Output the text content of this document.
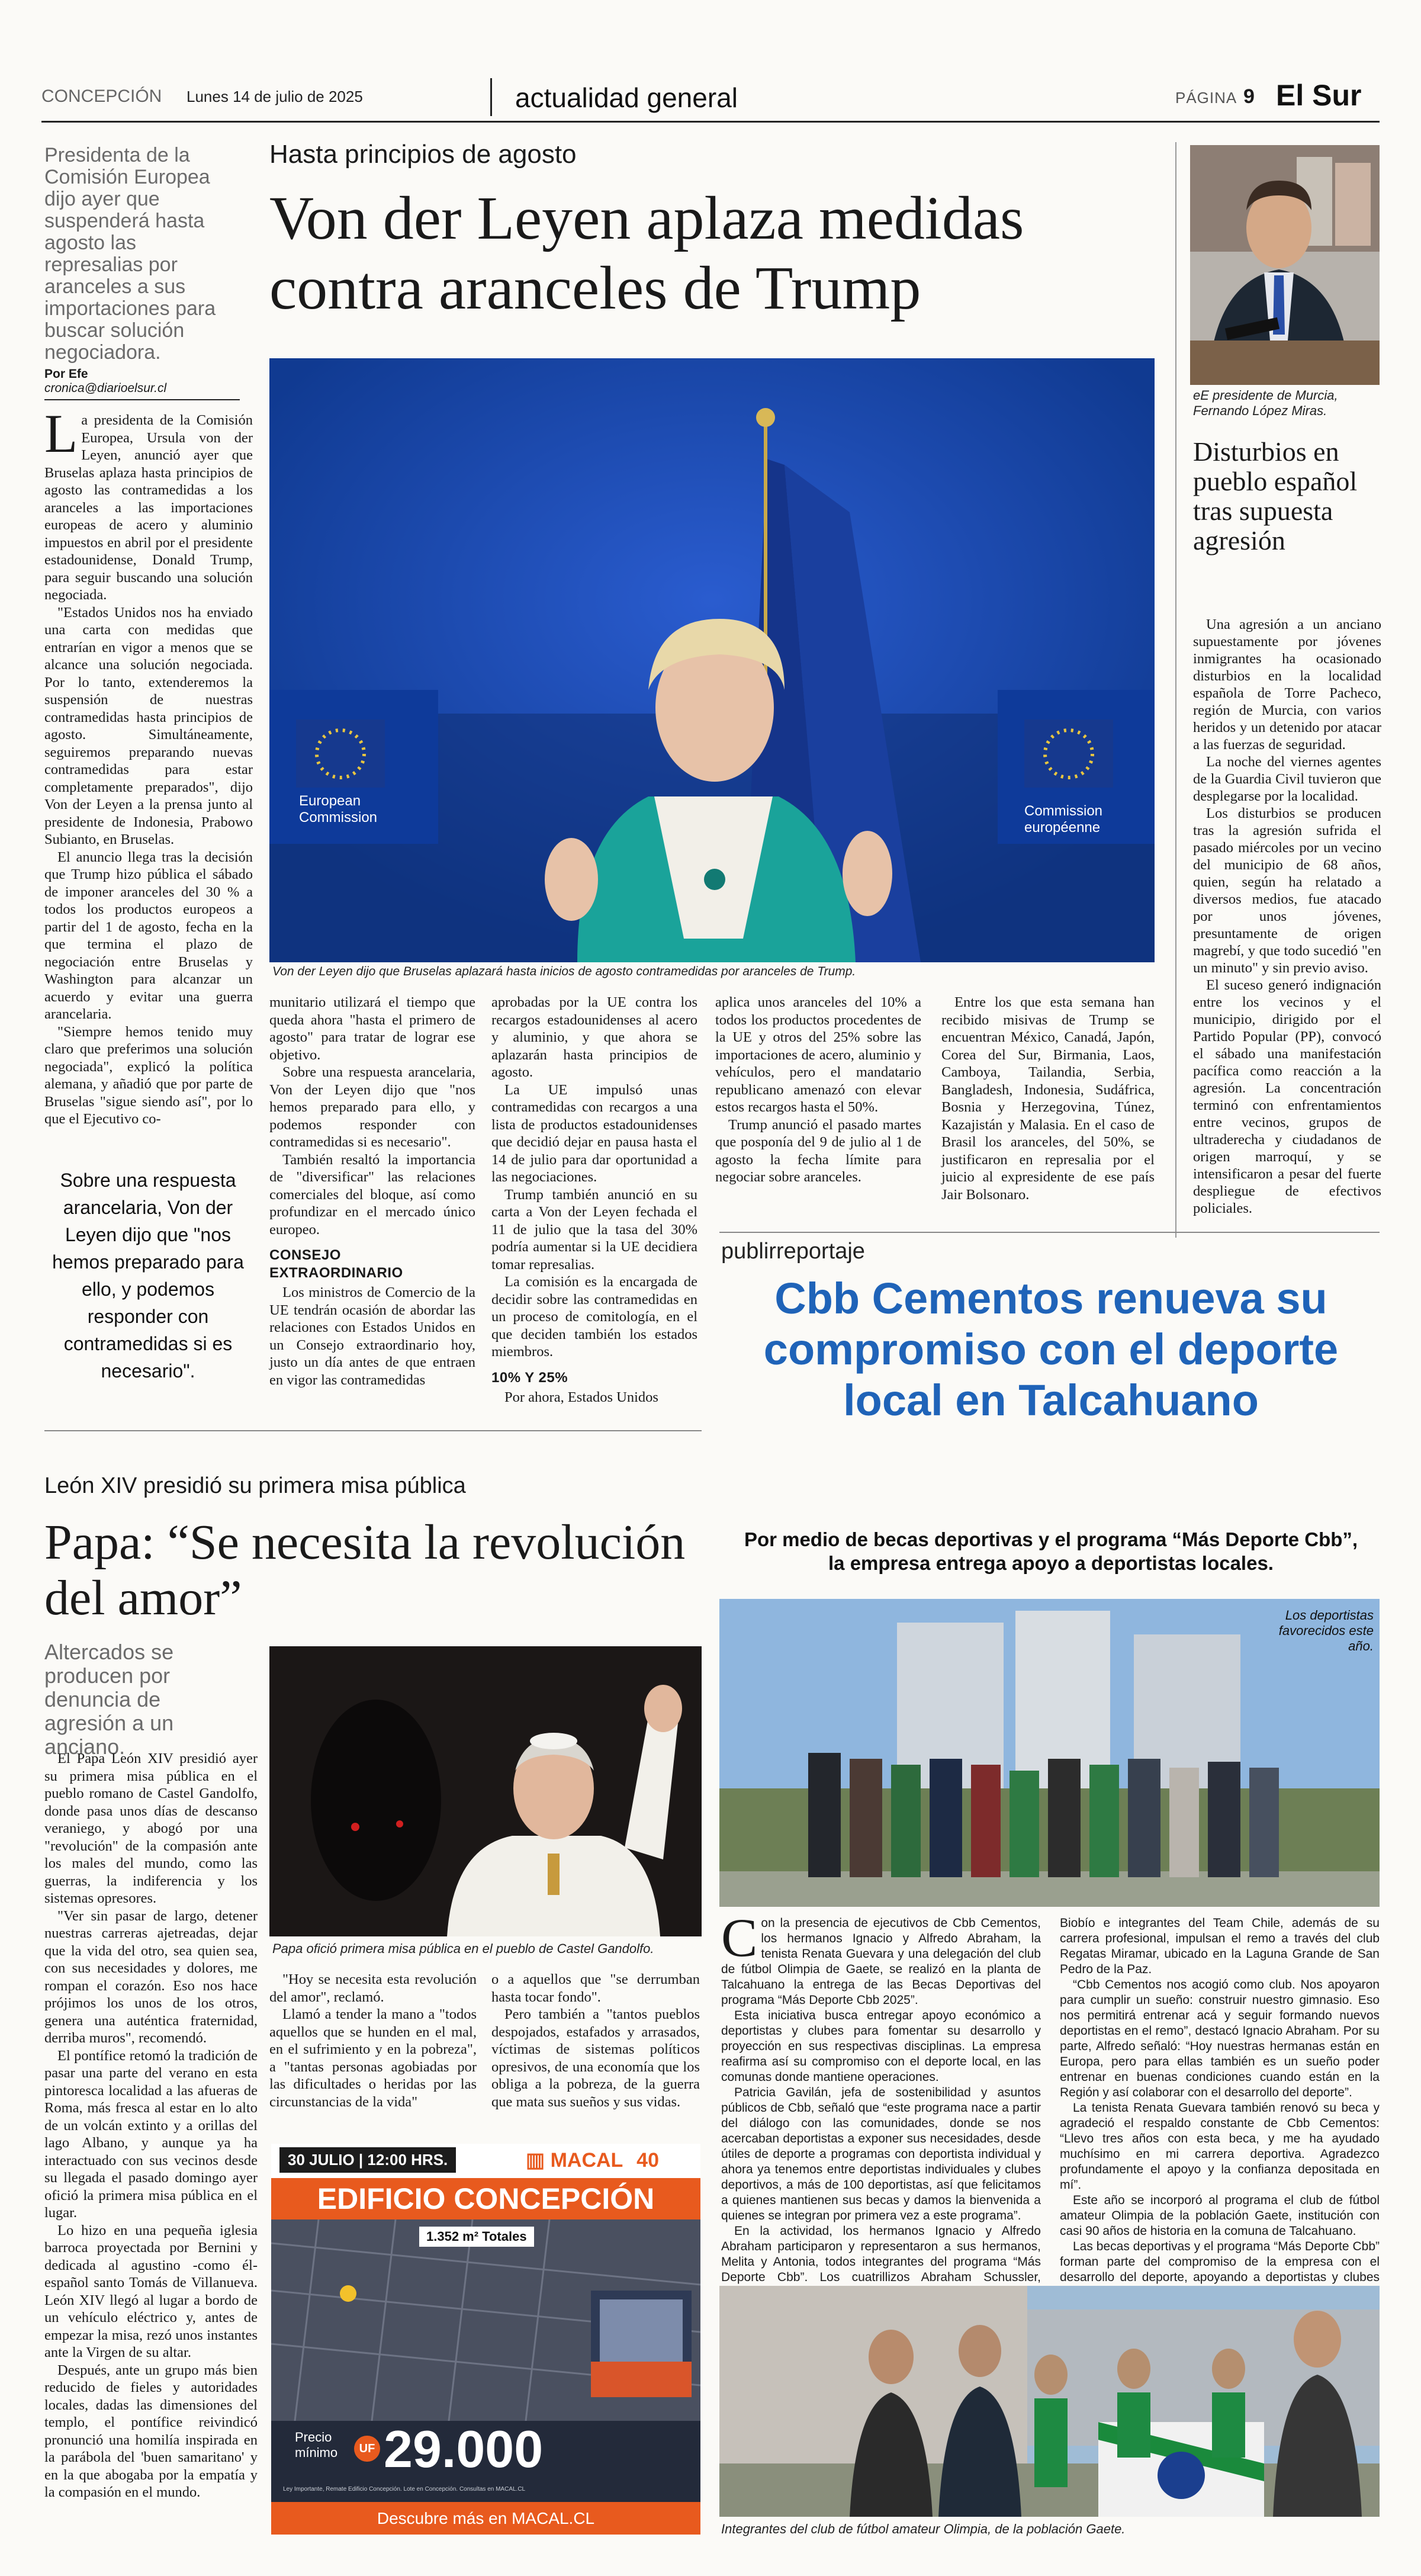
CONCEPCIÓN Lunes 14 de julio de 2025	actualidad general	PÁGINA 9 El Sur
Presidenta de la Comisión Europea dijo ayer que suspenderá hasta agosto las represalias por aranceles a sus importaciones para buscar solución negociadora.
Por Efe
cronica@diarioelsur.cl
Hasta principios de agosto
Von der Leyen aplaza medidas contra aranceles de Trump
European
Commission	Commission
européenne
Von der Leyen dijo que Bruselas aplazará hasta inicios de agosto contramedidas por aranceles de Trump.

La presidenta de la Comisión Europea, Ursula von der Leyen, anunció ayer que Bruselas aplaza hasta principios de agosto las contramedidas a los aranceles a las importaciones europeas de acero y aluminio impuestos en abril por el presidente estadounidense, Donald Trump, para seguir buscando una solución negociada.

"Estados Unidos nos ha enviado una carta con medidas que entrarían en vigor a menos que se alcance una solución negociada. Por lo tanto, extenderemos la suspensión de nuestras contramedidas hasta principios de agosto. Simultáneamente, seguiremos preparando nuevas contramedidas para estar completamente preparados", dijo Von der Leyen a la prensa junto al presidente de Indonesia, Prabowo Subianto, en Bruselas.

El anuncio llega tras la decisión que Trump hizo pública el sábado de imponer aranceles del 30 % a todos los productos europeos a partir del 1 de agosto, fecha en la que termina el plazo de negociación entre Bruselas y Washington para alcanzar un acuerdo y evitar una guerra arancelaria.

"Siempre hemos tenido muy claro que preferimos una solución negociada", explicó la política alemana, y añadió que por parte de Bruselas "sigue siendo así", por lo que el Ejecutivo co-

Sobre una respuesta arancelaria, Von der Leyen dijo que "nos hemos preparado para ello, y podemos responder con contramedidas si es necesario".

munitario utilizará el tiempo que queda ahora "hasta el primero de agosto" para tratar de lograr ese objetivo.

Sobre una respuesta arancelaria, Von der Leyen dijo que "nos hemos preparado para ello, y podemos responder con contramedidas si es necesario".

También resaltó la importancia de "diversificar" las relaciones comerciales del bloque, así como profundizar en el mercado único europeo.

CONSEJO EXTRAORDINARIO

Los ministros de Comercio de la UE tendrán ocasión de abordar las relaciones con Estados Unidos en un Consejo extraordinario hoy, justo un día antes de que entraen en vigor las contramedidas

aprobadas por la UE contra los recargos estadounidenses al acero y aluminio, y que ahora se aplazarán hasta principios de agosto.

La UE impulsó unas contramedidas con recargos a una lista de productos estadounidenses que decidió dejar en pausa hasta el 14 de julio para dar oportunidad a las negociaciones.

Trump también anunció en su carta a Von der Leyen fechada el 11 de julio que la tasa del 30% podría aumentar si la UE decidiera tomar represalias.

La comisión es la encargada de decidir sobre las contramedidas en un proceso de comitología, en el que deciden también los estados miembros.

10% Y 25%

Por ahora, Estados Unidos

aplica unos aranceles del 10% a todos los productos procedentes de la UE y otros del 25% sobre las importaciones de acero, aluminio y vehículos, pero el mandatario republicano amenazó con elevar estos recargos hasta el 50%.

Trump anunció el pasado martes que posponía del 9 de julio al 1 de agosto la fecha límite para negociar sobre aranceles.

Entre los que esta semana han recibido misivas de Trump se encuentran México, Canadá, Japón, Corea del Sur, Birmania, Laos, Camboya, Tailandia, Serbia, Bangladesh, Indonesia, Sudáfrica, Bosnia y Herzegovina, Túnez, Kazajistán y Malasia. En el caso de Brasil los aranceles, del 50%, se justificaron en represalia por el juicio al expresidente de ese país Jair Bolsonaro.

eE presidente de Murcia, Fernando López Miras.
Disturbios en pueblo español tras supuesta agresión

Una agresión a un anciano supuestamente por jóvenes inmigrantes ha ocasionado disturbios en la localidad española de Torre Pacheco, región de Murcia, con varios heridos y un detenido por atacar a las fuerzas de seguridad.

La noche del viernes agentes de la Guardia Civil tuvieron que desplegarse por la localidad.

Los disturbios se producen tras la agresión sufrida el pasado miércoles por un vecino del municipio de 68 años, quien, según ha relatado a diversos medios, fue atacado por unos jóvenes, presuntamente de origen magrebí, y que todo sucedió "en un minuto" y sin previo aviso.

El suceso generó indignación entre los vecinos y el municipio, dirigido por el Partido Popular (PP), convocó el sábado una manifestación pacífica como reacción a la agresión. La concentración terminó con enfrentamientos entre vecinos, grupos de ultraderecha y ciudadanos de origen marroquí, y se intensificaron a pesar del fuerte despliegue de efectivos policiales.

León XIV presidió su primera misa pública
Papa: “Se necesita la revolución del amor”
Altercados se producen por denuncia de agresión a un anciano.

El Papa León XIV presidió ayer su primera misa pública en el pueblo romano de Castel Gandolfo, donde pasa unos días de descanso veraniego, y abogó por una "revolución" de la compasión ante los males del mundo, como las guerras, la indiferencia y los sistemas opresores.

"Ver sin pasar de largo, detener nuestras carreras ajetreadas, dejar que la vida del otro, sea quien sea, con sus necesidades y dolores, me rompan el corazón. Eso nos hace prójimos los unos de los otros, genera una auténtica fraternidad, derriba muros", recomendó.

El pontífice retomó la tradición de pasar una parte del verano en esta pintoresca localidad a las afueras de Roma, más fresca al estar en lo alto de un volcán extinto y a orillas del lago Albano, y aunque ya ha interactuado con sus vecinos desde su llegada el pasado domingo ayer ofició la primera misa pública en el lugar.

Lo hizo en una pequeña iglesia barroca proyectada por Bernini y dedicada al agustino -como él- español santo Tomás de Villanueva. León XIV llegó al lugar a bordo de un vehículo eléctrico y, antes de empezar la misa, rezó unos instantes ante la Virgen de su altar.

Después, ante un grupo más bien reducido de fieles y autoridades locales, dadas las dimensiones del templo, el pontífice reivindicó pronunció una homilía inspirada en la parábola del 'buen samaritano' y en la que abogaba por la empatía y la compasión en el mundo.

Papa ofició primera misa pública en el pueblo de Castel Gandolfo.

"Hoy se necesita esta revolución del amor", reclamó.

Llamó a tender la mano a "todos aquellos que se hunden en el mal, en el sufrimiento y en la pobreza", a "tantas personas agobiadas por las dificultades o heridas por las circunstancias de la vida"

o a aquellos que "se derrumban hasta tocar fondo".

Pero también a "tantos pueblos despojados, estafados y arrasados, víctimas de sistemas políticos opresivos, de una economía que los obliga a la pobreza, de la guerra que mata sus sueños y sus vidas.

30 JULIO | 12:00 HRS.	▥ MACAL 40
EDIFICIO CONCEPCIÓN
1.352 m² Totales
Precio mínimo	UF 29.000
Ley Importante, Remate Edificio Concepción. Lote en Concepción. Consultas en MACAL.CL
Descubre más en MACAL.CL
publirreportaje
Cbb Cementos renueva su compromiso con el deporte local en Talcahuano
Por medio de becas deportivas y el programa “Más Deporte Cbb”, la empresa entrega apoyo a deportistas locales.
Los deportistas favorecidos este año.

Con la presencia de ejecutivos de Cbb Cementos, los hermanos Ignacio y Alfredo Abraham, la tenista Renata Guevara y una delegación del club de fútbol Olimpia de Gaete, se realizó en la planta de Talcahuano la entrega de las Becas Deportivas del programa “Más Deporte Cbb 2025”.

Esta iniciativa busca entregar apoyo económico a deportistas y clubes para fomentar su desarrollo y proyección en sus respectivas disciplinas. La empresa reafirma así su compromiso con el deporte local, en las comunas donde mantiene operaciones.

Patricia Gavilán, jefa de sostenibilidad y asuntos públicos de Cbb, señaló que “este programa nace a partir del diálogo con las comunidades, donde se nos acercaban deportistas a exponer sus necesidades, desde útiles de deporte a programas con deportista individual y ahora ya tenemos entre deportistas individuales y clubes deportivos, a más de 100 deportistas, así que felicitamos a quienes mantienen sus becas y damos la bienvenida a quienes se integran por primera vez a este programa”.

En la actividad, los hermanos Ignacio y Alfredo Abraham participaron y representaron a sus hermanos, Melita y Antonia, todos integrantes del programa “Más Deporte Cbb”. Los cuatrillizos Abraham Schussler,

Biobío e integrantes del Team Chile, además de su carrera profesional, impulsan el remo a través del club Regatas Miramar, ubicado en la Laguna Grande de San Pedro de la Paz.

“Cbb Cementos nos acogió como club. Nos apoyaron para cumplir un sueño: construir nuestro gimnasio. Eso nos permitirá entrenar acá y seguir formando nuevos deportistas en el remo”, destacó Ignacio Abraham. Por su parte, Alfredo señaló: “Hoy nuestras hermanas están en Europa, pero para ellas también es un sueño poder entrenar en buenas condiciones cuando están en la Región y así colaborar con el desarrollo del deporte”.

La tenista Renata Guevara también renovó su beca y agradeció el respaldo constante de Cbb Cementos: “Llevo tres años con esta beca, y me ha ayudado muchísimo en mi carrera deportiva. Agradezco profundamente el apoyo y la confianza depositada en mí”.

Este año se incorporó al programa el club de fútbol amateur Olimpia de la población Gaete, institución con casi 90 años de historia en la comuna de Talcahuano.

Las becas deportivas y el programa “Más Deporte Cbb” forman parte del compromiso de la empresa con el desarrollo del deporte, apoyando a deportistas y clubes

Integrantes del club de fútbol amateur Olimpia, de la población Gaete.
